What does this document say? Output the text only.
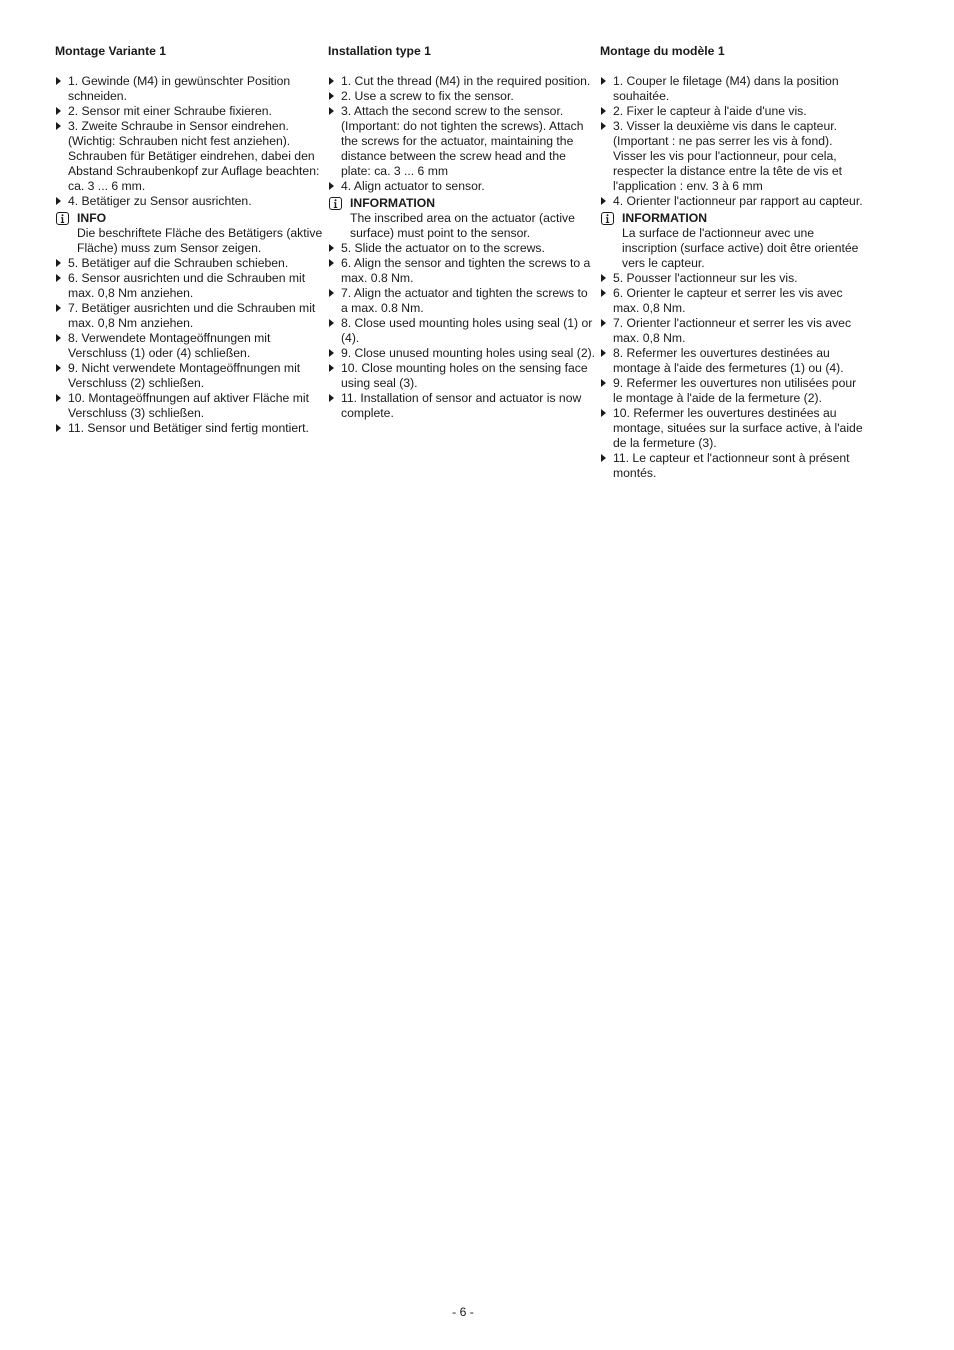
Montage Variante 1
1. Gewinde (M4) in gewünschter Position schneiden.
2. Sensor mit einer Schraube fixieren.
3. Zweite Schraube in Sensor eindrehen. (Wichtig: Schrauben nicht fest anziehen). Schrauben für Betätiger eindrehen, dabei den Abstand Schraubenkopf zur Auflage beachten: ca. 3 ... 6 mm.
4. Betätiger zu Sensor ausrichten.
INFO
Die beschriftete Fläche des Betätigers (aktive Fläche) muss zum Sensor zeigen.
5. Betätiger auf die Schrauben schieben.
6. Sensor ausrichten und die Schrauben mit max. 0,8 Nm anziehen.
7. Betätiger ausrichten und die Schrauben mit max. 0,8 Nm anziehen.
8. Verwendete Montageöffnungen mit Verschluss (1) oder (4) schließen.
9. Nicht verwendete Montageöffnungen mit Verschluss (2) schließen.
10. Montageöffnungen auf aktiver Fläche mit Verschluss (3) schließen.
11. Sensor und Betätiger sind fertig montiert.
Installation type 1
1. Cut the thread (M4) in the required position.
2. Use a screw to fix the sensor.
3. Attach the second screw to the sensor. (Important: do not tighten the screws). Attach the screws for the actuator, maintaining the distance between the screw head and the plate: ca. 3 ... 6 mm
4. Align actuator to sensor.
INFORMATION
The inscribed area on the actuator (active surface) must point to the sensor.
5. Slide the actuator on to the screws.
6. Align the sensor and tighten the screws to a max. 0.8 Nm.
7. Align the actuator and tighten the screws to a max. 0.8 Nm.
8. Close used mounting holes using seal (1) or (4).
9. Close unused mounting holes using seal (2).
10. Close mounting holes on the sensing face using seal (3).
11. Installation of sensor and actuator is now complete.
Montage du modèle 1
1. Couper le filetage (M4) dans la position souhaitée.
2. Fixer le capteur à l'aide d'une vis.
3. Visser la deuxième vis dans le capteur. (Important : ne pas serrer les vis à fond). Visser les vis pour l'actionneur, pour cela, respecter la distance entre la tête de vis et l'application : env. 3 à 6 mm
4. Orienter l'actionneur par rapport au capteur.
INFORMATION
La surface de l'actionneur avec une inscription (surface active) doit être orientée vers le capteur.
5. Pousser l'actionneur sur les vis.
6. Orienter le capteur et serrer les vis avec max. 0,8 Nm.
7. Orienter l'actionneur et serrer les vis avec max. 0,8 Nm.
8. Refermer les ouvertures destinées au montage à l'aide des fermetures (1) ou (4).
9. Refermer les ouvertures non utilisées pour le montage à l'aide de la fermeture (2).
10. Refermer les ouvertures destinées au montage, situées sur la surface active, à l'aide de la fermeture (3).
11. Le capteur et l'actionneur sont à présent montés.
- 6 -
